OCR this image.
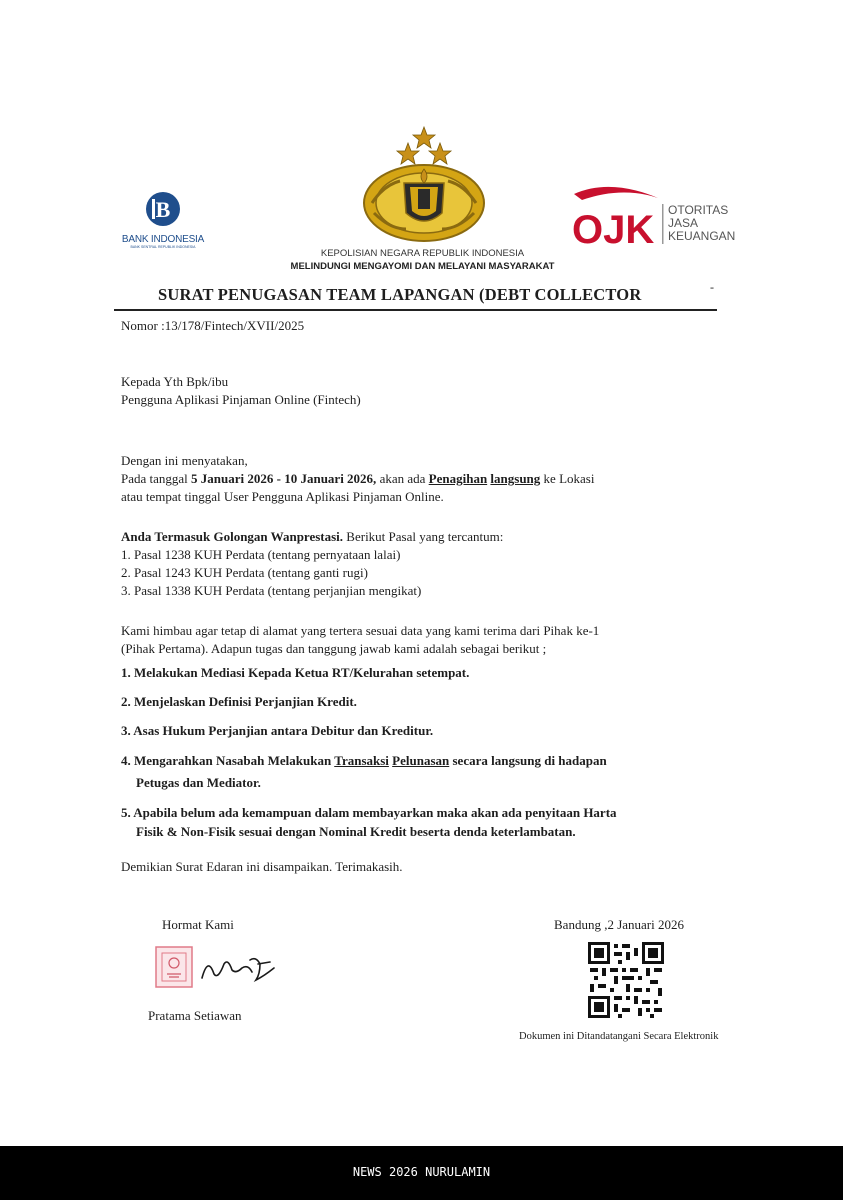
B
BANK INDONESIA
BANK SENTRAL REPUBLIK INDONESIA
KEPOLISIAN NEGARA REPUBLIK INDONESIA
MELINDUNGI MENGAYOMI DAN MELAYANI MASYARAKAT
OJK OTORITAS
JASA
KEUANGAN
SURAT PENUGASAN TEAM LAPANGAN (DEBT COLLECTOR	-

Nomor :13/178/Fintech/XVII/2025

Kepada Yth Bpk/ibu

Pengguna Aplikasi Pinjaman Online (Fintech)

Dengan ini menyatakan,

Pada tanggal 5 Januari 2026 - 10 Januari 2026, akan ada Penagihan langsung ke Lokasi

atau tempat tinggal User Pengguna Aplikasi Pinjaman Online.

Anda Termasuk Golongan Wanprestasi. Berikut Pasal yang tercantum:

1. Pasal 1238 KUH Perdata (tentang pernyataan lalai)

2. Pasal 1243 KUH Perdata (tentang ganti rugi)

3. Pasal 1338 KUH Perdata (tentang perjanjian mengikat)

Kami himbau agar tetap di alamat yang tertera sesuai data yang kami terima dari Pihak ke-1

(Pihak Pertama). Adapun tugas dan tanggung jawab kami adalah sebagai berikut ;

1. Melakukan Mediasi Kepada Ketua RT/Kelurahan setempat.

2. Menjelaskan Definisi Perjanjian Kredit.

3. Asas Hukum Perjanjian antara Debitur dan Kreditur.

4. Mengarahkan Nasabah Melakukan Transaksi Pelunasan secara langsung di hadapan

Petugas dan Mediator.

5. Apabila belum ada kemampuan dalam membayarkan maka akan ada penyitaan Harta

Fisik & Non-Fisik sesuai dengan Nominal Kredit beserta denda keterlambatan.

Demikian Surat Edaran ini disampaikan. Terimakasih.

Hormat Kami

Pratama Setiawan

Bandung ,2 Januari 2026

Dokumen ini Ditandatangani Secara Elektronik

NEWS 2026 NURULAMIN
